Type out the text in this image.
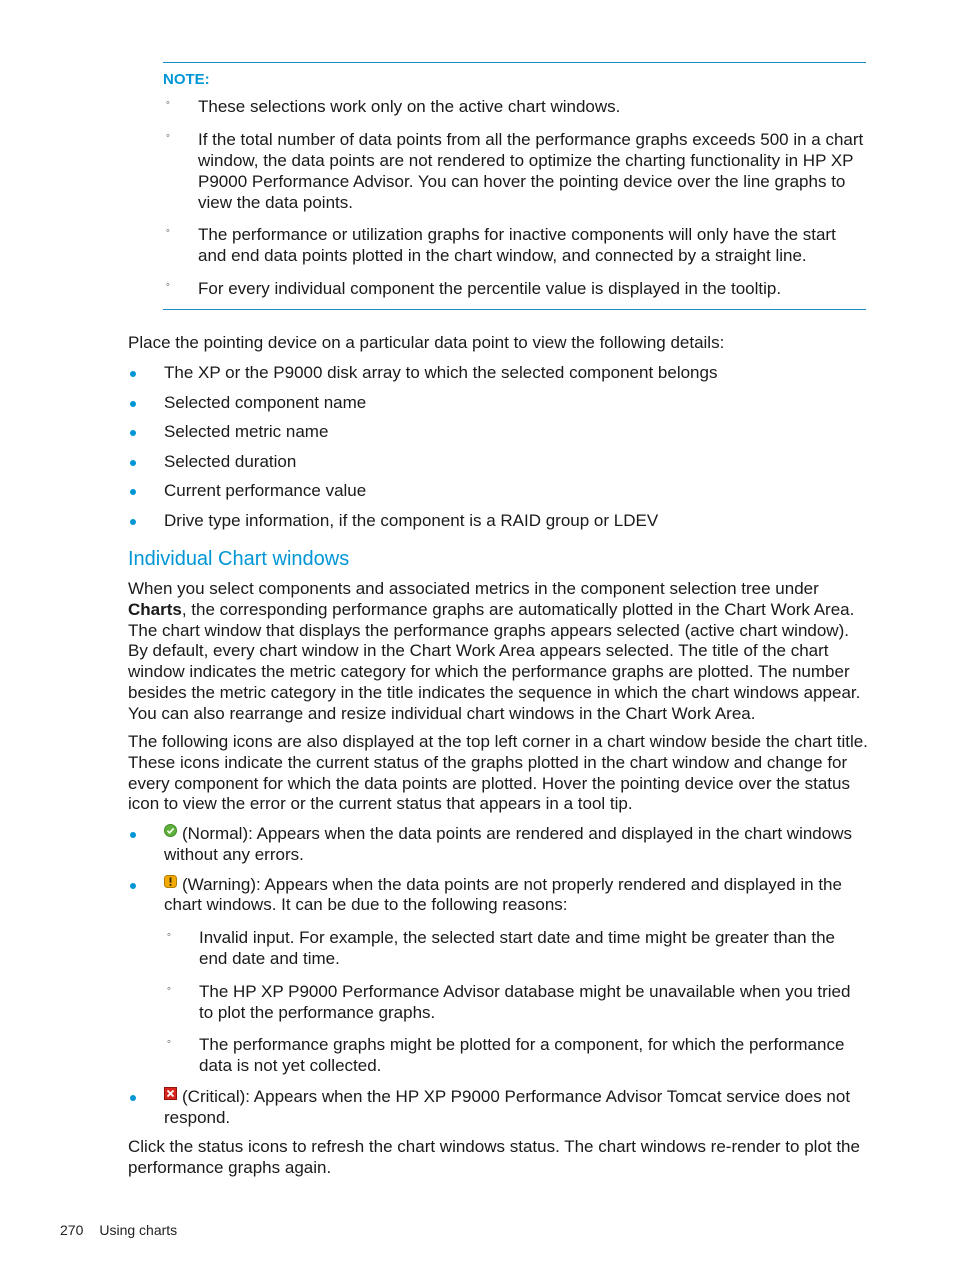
NOTE:
◦ These selections work only on the active chart windows.
◦ If the total number of data points from all the performance graphs exceeds 500 in a chart window, the data points are not rendered to optimize the charting functionality in HP XP P9000 Performance Advisor. You can hover the pointing device over the line graphs to view the data points.
◦ The performance or utilization graphs for inactive components will only have the start and end data points plotted in the chart window, and connected by a straight line.
◦ For every individual component the percentile value is displayed in the tooltip.

Place the pointing device on a particular data point to view the following details:

The XP or the P9000 disk array to which the selected component belongs
Selected component name
Selected metric name
Selected duration
Current performance value
Drive type information, if the component is a RAID group or LDEV
Individual Chart windows

When you select components and associated metrics in the component selection tree under Charts, the corresponding performance graphs are automatically plotted in the Chart Work Area. The chart window that displays the performance graphs appears selected (active chart window). By default, every chart window in the Chart Work Area appears selected. The title of the chart window indicates the metric category for which the performance graphs are plotted. The number besides the metric category in the title indicates the sequence in which the chart windows appear. You can also rearrange and resize individual chart windows in the Chart Work Area.

The following icons are also displayed at the top left corner in a chart window beside the chart title. These icons indicate the current status of the graphs plotted in the chart window and change for every component for which the data points are plotted. Hover the pointing device over the status icon to view the error or the current status that appears in a tool tip.

(Normal): Appears when the data points are rendered and displayed in the chart windows without any errors.
(Warning): Appears when the data points are not properly rendered and displayed in the chart windows. It can be due to the following reasons:
◦ Invalid input. For example, the selected start date and time might be greater than the end date and time.
◦ The HP XP P9000 Performance Advisor database might be unavailable when you tried to plot the performance graphs.
◦ The performance graphs might be plotted for a component, for which the performance data is not yet collected.
(Critical): Appears when the HP XP P9000 Performance Advisor Tomcat service does not respond.

Click the status icons to refresh the chart windows status. The chart windows re-render to plot the performance graphs again.

270 Using charts
